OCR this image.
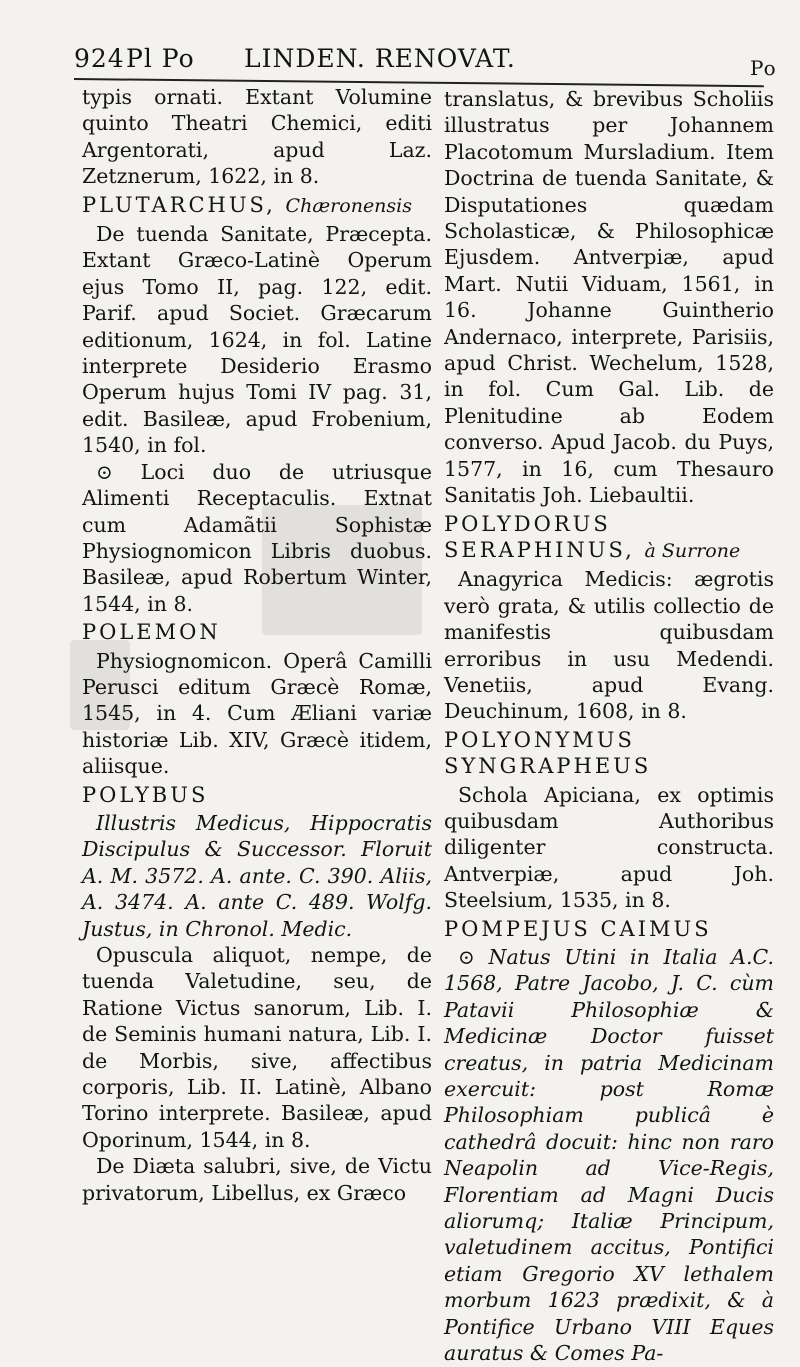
924 Pl Po LINDEN. RENOVAT.	Po

typis ornati. Extant Volumine quinto Theatri Chemici, editi Argentorati, apud Laz. Zetznerum, 1622, in 8.

PLUTARCHUS, Chæronensis

De tuenda Sanitate, Præcepta. Extant Græco-Latinè Operum ejus Tomo II, pag. 122, edit. Parif. apud Societ. Græcarum editionum, 1624, in fol. Latine interprete Desiderio Erasmo Operum hujus Tomi IV pag. 31, edit. Basileæ, apud Frobenium, 1540, in fol.

⊙ Loci duo de utriusque Alimenti Receptaculis. Extnat cum Adamãtii Sophistæ Physiognomicon Libris duobus. Basileæ, apud Robertum Winter, 1544, in 8.

POLEMON

Physiognomicon. Operâ Camilli Perusci editum Græcè Romæ, 1545, in 4. Cum Æliani variæ historiæ Lib. XIV, Græcè itidem, aliisque.

POLYBUS

Illustris Medicus, Hippocratis Discipulus & Successor. Floruit A. M. 3572. A. ante. C. 390. Aliis, A. 3474. A. ante C. 489. Wolfg. Justus, in Chronol. Medic.

Opuscula aliquot, nempe, de tuenda Valetudine, seu, de Ratione Victus sanorum, Lib. I. de Seminis humani natura, Lib. I. de Morbis, sive, affectibus corporis, Lib. II. Latinè, Albano Torino interprete. Basileæ, apud Oporinum, 1544, in 8.

De Diæta salubri, sive, de Victu privatorum, Libellus, ex Græco

translatus, & brevibus Scholiis illustratus per Johannem Placotomum Mursladium. Item Doctrina de tuenda Sanitate, & Disputationes quædam Scholasticæ, & Philosophicæ Ejusdem. Antverpiæ, apud Mart. Nutii Viduam, 1561, in 16. Johanne Guintherio Andernaco, interprete, Parisiis, apud Christ. Wechelum, 1528, in fol. Cum Gal. Lib. de Plenitudine ab Eodem converso. Apud Jacob. du Puys, 1577, in 16, cum Thesauro Sanitatis Joh. Liebaultii.

POLYDORUS SERAPHINUS, à Surrone

Anagyrica Medicis: ægrotis verò grata, & utilis collectio de manifestis quibusdam erroribus in usu Medendi. Venetiis, apud Evang. Deuchinum, 1608, in 8.

POLYONYMUS SYNGRAPHEUS

Schola Apiciana, ex optimis quibusdam Authoribus diligenter constructa. Antverpiæ, apud Joh. Steelsium, 1535, in 8.

POMPEJUS CAIMUS

⊙ Natus Utini in Italia A.C. 1568, Patre Jacobo, J. C. cùm Patavii Philosophiæ & Medicinæ Doctor fuisset creatus, in patria Medicinam exercuit: post Romæ Philosophiam publicâ è cathedrâ docuit: hinc non raro Neapolin ad Vice-Regis, Florentiam ad Magni Ducis aliorumq; Italiæ Principum, valetudinem accitus, Pontifici etiam Gregorio XV lethalem morbum 1623 prædixit, & à Pontifice Urbano VIII Eques auratus & Comes Pa-
